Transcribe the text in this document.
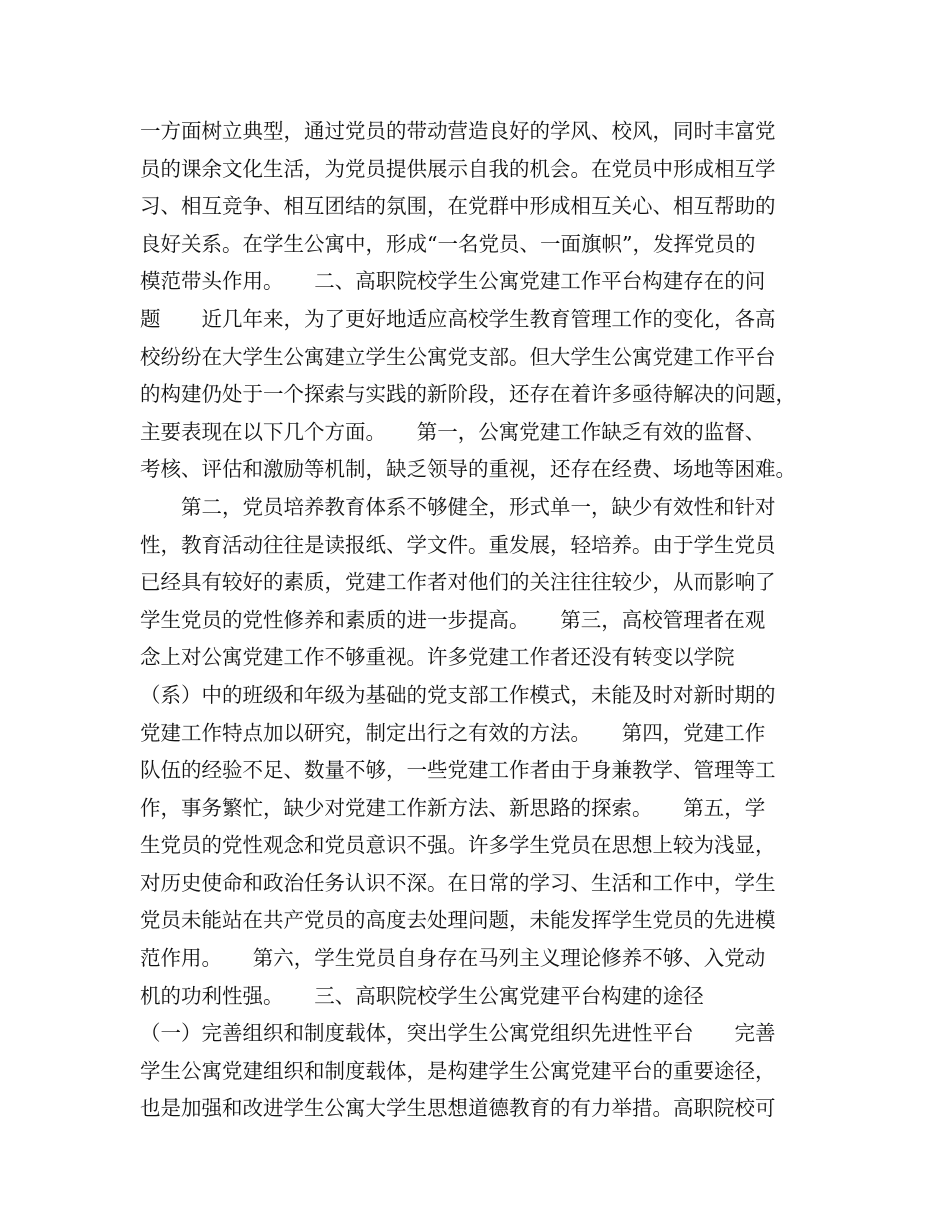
一方面树立典型，通过党员的带动营造良好的学风、校风，同时丰富党
员的课余文化生活，为党员提供展示自我的机会。在党员中形成相互学
习、相互竞争、相互团结的氛围，在党群中形成相互关心、相互帮助的
良好关系。在学生公寓中，形成“一名党员、一面旗帜”，发挥党员的
模范带头作用。　　二、高职院校学生公寓党建工作平台构建存在的问
题　　近几年来，为了更好地适应高校学生教育管理工作的变化，各高
校纷纷在大学生公寓建立学生公寓党支部。但大学生公寓党建工作平台
的构建仍处于一个探索与实践的新阶段，还存在着许多亟待解决的问题，
主要表现在以下几个方面。　　第一，公寓党建工作缺乏有效的监督、
考核、评估和激励等机制，缺乏领导的重视，还存在经费、场地等困难。
　　第二，党员培养教育体系不够健全，形式单一，缺少有效性和针对
性，教育活动往往是读报纸、学文件。重发展，轻培养。由于学生党员
已经具有较好的素质，党建工作者对他们的关注往往较少，从而影响了
学生党员的党性修养和素质的进一步提高。　　第三，高校管理者在观
念上对公寓党建工作不够重视。许多党建工作者还没有转变以学院
（系）中的班级和年级为基础的党支部工作模式，未能及时对新时期的
党建工作特点加以研究，制定出行之有效的方法。　　第四，党建工作
队伍的经验不足、数量不够，一些党建工作者由于身兼教学、管理等工
作，事务繁忙，缺少对党建工作新方法、新思路的探索。　　第五，学
生党员的党性观念和党员意识不强。许多学生党员在思想上较为浅显，
对历史使命和政治任务认识不深。在日常的学习、生活和工作中，学生
党员未能站在共产党员的高度去处理问题，未能发挥学生党员的先进模
范作用。　　第六，学生党员自身存在马列主义理论修养不够、入党动
机的功利性强。　　三、高职院校学生公寓党建平台构建的途径
（一）完善组织和制度载体，突出学生公寓党组织先进性平台　　完善
学生公寓党建组织和制度载体，是构建学生公寓党建平台的重要途径，
也是加强和改进学生公寓大学生思想道德教育的有力举措。高职院校可
